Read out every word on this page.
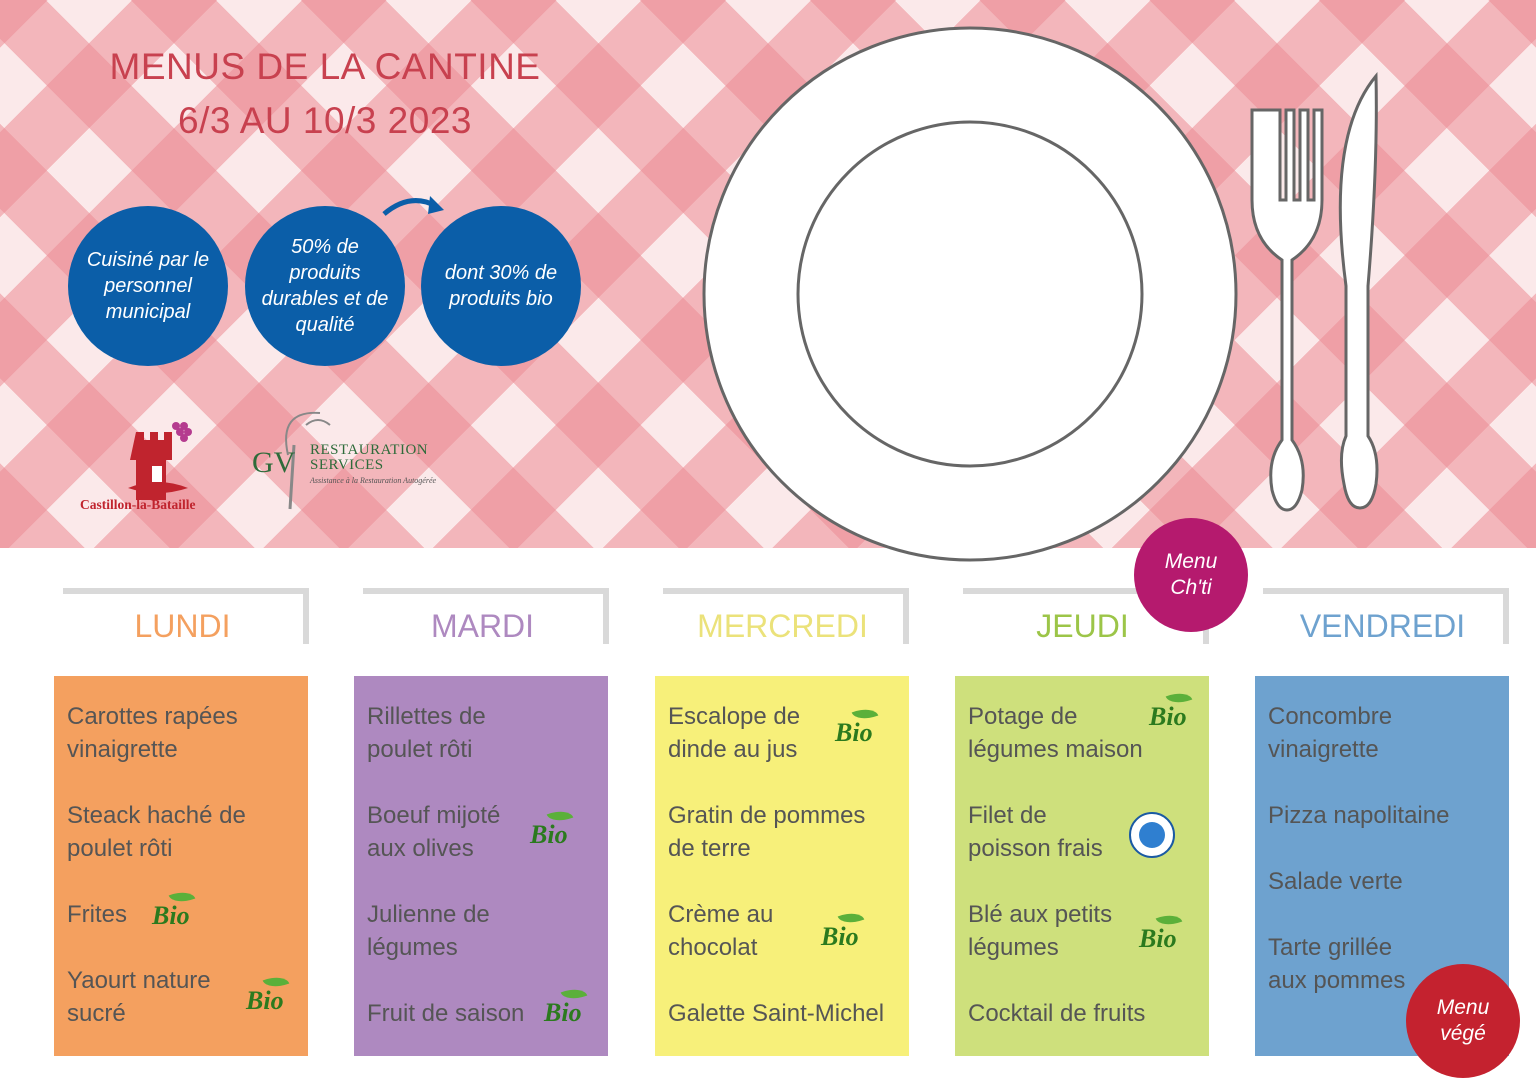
MENUS DE LA CANTINE
6/3 AU 10/3 2023
Cuisiné par le personnel municipal
50% de produits durables et de qualité
dont 30% de produits bio
Castillon-la-Bataille
GV RESTAURATION
SERVICES
Assistance à la Restauration Autogérée
LUNDI	MARDI	MERCREDI	JEUDI	VENDREDI
Carottes rapées vinaigrette
Steack haché de poulet rôti
Frites
Yaourt nature sucré
Bio
Bio
Rillettes de poulet rôti
Boeuf mijoté aux olives
Julienne de légumes
Fruit de saison
Bio
Bio
Escalope de dinde au jus
Gratin de pommes de terre
Crème au chocolat
Galette Saint-Michel
Bio
Bio
Potage de légumes maison
Filet de poisson frais
Blé aux petits légumes
Cocktail de fruits
Bio
Bio
Concombre vinaigrette
Pizza napolitaine
Salade verte
Tarte grillée aux pommes
Menu Ch'ti
Menu végé
